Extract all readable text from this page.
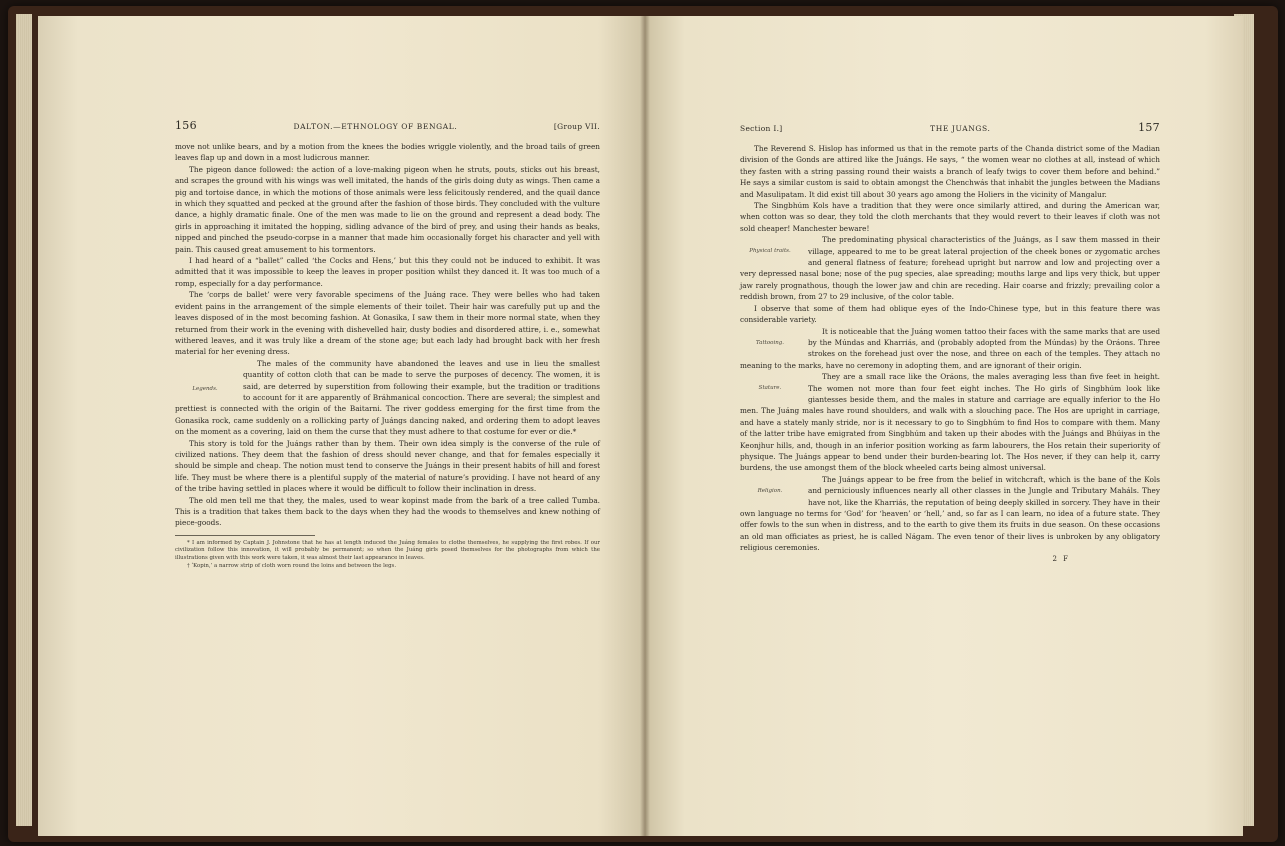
156	DALTON.—ETHNOLOGY OF BENGAL.	[Group VII.

move not unlike bears, and by a motion from the knees the bodies wriggle violently, and the broad tails of green leaves flap up and down in a most ludicrous manner.

The pigeon dance followed: the action of a love-making pigeon when he struts, pouts, sticks out his breast, and scrapes the ground with his wings was well imitated, the hands of the girls doing duty as wings. Then came a pig and tortoise dance, in which the motions of those animals were less felicitously rendered, and the quail dance in which they squatted and pecked at the ground after the fashion of those birds. They concluded with the vulture dance, a highly dramatic finale. One of the men was made to lie on the ground and represent a dead body. The girls in approaching it imitated the hopping, sidling advance of the bird of prey, and using their hands as beaks, nipped and pinched the pseudo-corpse in a manner that made him occasionally forget his character and yell with pain. This caused great amusement to his tormentors.

I had heard of a “ballet” called ‘the Cocks and Hens,’ but this they could not be induced to exhibit. It was admitted that it was impossible to keep the leaves in proper position whilst they danced it. It was too much of a romp, especially for a day performance.

The ‘corps de ballet’ were very favorable specimens of the Juáng race. They were belles who had taken evident pains in the arrangement of the simple elements of their toilet. Their hair was carefully put up and the leaves disposed of in the most becoming fashion. At Gonasika, I saw them in their more normal state, when they returned from their work in the evening with dishevelled hair, dusty bodies and disordered attire, i. e., somewhat withered leaves, and it was truly like a dream of the stone age; but each lady had brought back with her fresh material for her evening dress.

Legends.
The males of the community have abandoned the leaves and use in lieu the smallest quantity of cotton cloth that can be made to serve the purposes of decency. The women, it is said, are deterred by superstition from following their example, but the tradition or traditions to account for it are apparently of Bráhmanical concoction. There are several; the simplest and prettiest is connected with the origin of the Baitarni. The river goddess emerging for the first time from the Gonasika rock, came suddenly on a rollicking party of Juángs dancing naked, and ordering them to adopt leaves on the moment as a covering, laid on them the curse that they must adhere to that costume for ever or die.*

This story is told for the Juángs rather than by them. Their own idea simply is the converse of the rule of civilized nations. They deem that the fashion of dress should never change, and that for females especially it should be simple and cheap. The notion must tend to conserve the Juángs in their present habits of hill and forest life. They must be where there is a plentiful supply of the material of nature’s providing. I have not heard of any of the tribe having settled in places where it would be difficult to follow their inclination in dress.

The old men tell me that they, the males, used to wear kopinst made from the bark of a tree called Tumba. This is a tradition that takes them back to the days when they had the woods to themselves and knew nothing of piece-goods.

* I am informed by Captain J. Johnstone that he has at length induced the Juáng females to clothe themselves, he supplying the first robes. If our civilization follow this innovation, it will probably be permanent; so when the Juáng girls posed themselves for the photographs from which the illustrations given with this work were taken, it was almost their last appearance in leaves.

† ‘Kopin,’ a narrow strip of cloth worn round the loins and between the legs.

Section I.]	THE JUANGS.	157

The Reverend S. Hislop has informed us that in the remote parts of the Chanda district some of the Madian division of the Gonds are attired like the Juángs. He says, “ the women wear no clothes at all, instead of which they fasten with a string passing round their waists a branch of leafy twigs to cover them before and behind.” He says a similar custom is said to obtain amongst the Chenchwás that inhabit the jungles between the Madians and Masulipatam. It did exist till about 30 years ago among the Holiers in the vicinity of Mangalur.

The Singbhúm Kols have a tradition that they were once similarly attired, and during the American war, when cotton was so dear, they told the cloth merchants that they would revert to their leaves if cloth was not sold cheaper! Manchester beware!

Physical traits.
The predominating physical characteristics of the Juángs, as I saw them massed in their village, appeared to me to be great lateral projection of the cheek bones or zygomatic arches and general flatness of feature; forehead upright but narrow and low and projecting over a very depressed nasal bone; nose of the pug species, alae spreading; mouths large and lips very thick, but upper jaw rarely prognathous, though the lower jaw and chin are receding. Hair coarse and frizzly; prevailing color a reddish brown, from 27 to 29 inclusive, of the color table.

I observe that some of them had oblique eyes of the Indo-Chinese type, but in this feature there was considerable variety.

Tattooing.
It is noticeable that the Juáng women tattoo their faces with the same marks that are used by the Múndas and Kharriás, and (probably adopted from the Múndas) by the Oráons. Three strokes on the forehead just over the nose, and three on each of the temples. They attach no meaning to the marks, have no ceremony in adopting them, and are ignorant of their origin.

Stature.
They are a small race like the Oráons, the males averaging less than five feet in height. The women not more than four feet eight inches. The Ho girls of Singbhúm look like giantesses beside them, and the males in stature and carriage are equally inferior to the Ho men. The Juáng males have round shoulders, and walk with a slouching pace. The Hos are upright in carriage, and have a stately manly stride, nor is it necessary to go to Singbhúm to find Hos to compare with them. Many of the latter tribe have emigrated from Singbhúm and taken up their abodes with the Juángs and Bhúiyas in the Keonjhur hills, and, though in an inferior position working as farm labourers, the Hos retain their superiority of physique. The Juángs appear to bend under their burden-bearing lot. The Hos never, if they can help it, carry burdens, the use amongst them of the block wheeled carts being almost universal.

Religion.
The Juángs appear to be free from the belief in witchcraft, which is the bane of the Kols and perniciously influences nearly all other classes in the Jungle and Tributary Maháls. They have not, like the Kharriás, the reputation of being deeply skilled in sorcery. They have in their own language no terms for ‘God’ for ‘heaven’ or ‘hell,’ and, so far as I can learn, no idea of a future state. They offer fowls to the sun when in distress, and to the earth to give them its fruits in due season. On these occasions an old man officiates as priest, he is called Nágam. The even tenor of their lives is unbroken by any obligatory religious ceremonies.

2 F
